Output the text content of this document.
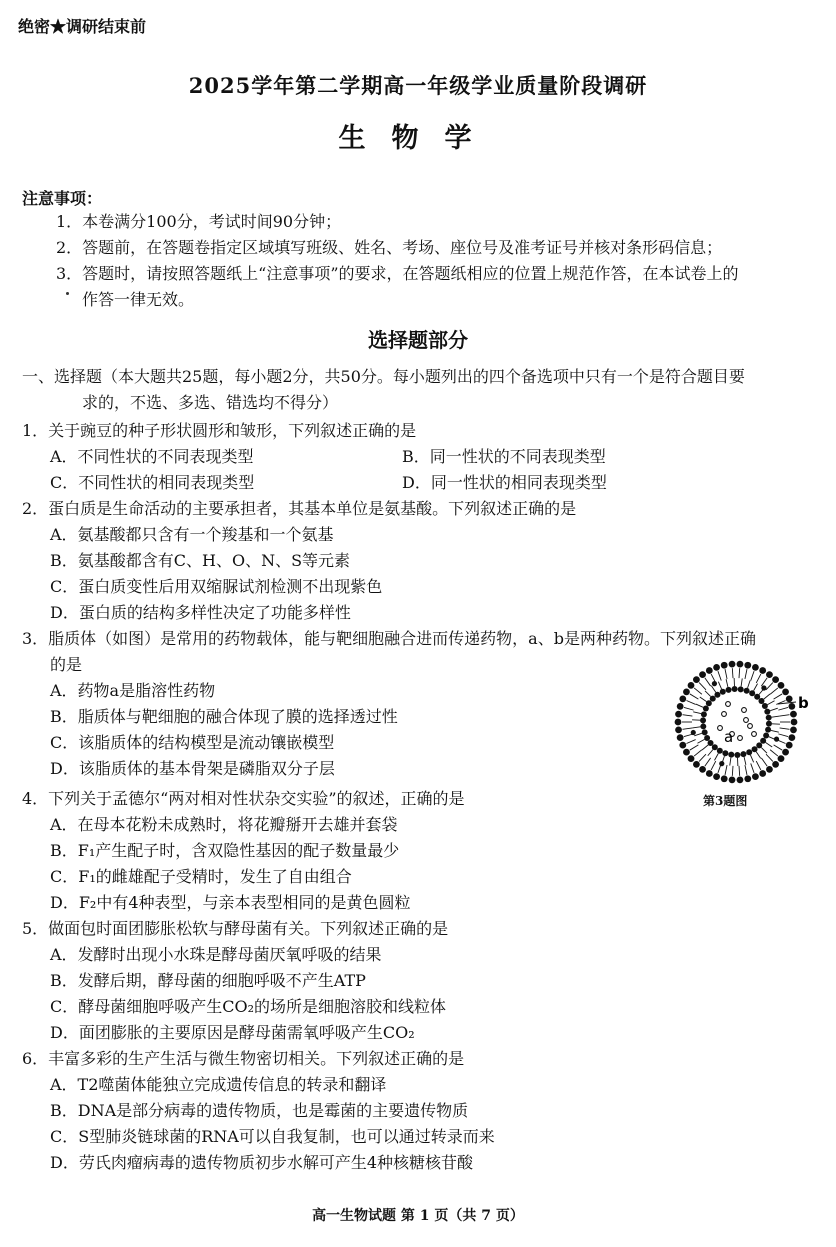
绝密★调研结束前
2025学年第二学期高一年级学业质量阶段调研
生物学
注意事项：
1．本卷满分100分，考试时间90分钟；
2．答题前，在答题卷指定区域填写班级、姓名、考场、座位号及准考证号并核对条形码信息；
3．答题时，请按照答题纸上“注意事项”的要求，在答题纸相应的位置上规范作答，在本试卷上的
作答一律无效。
选择题部分
一、选择题（本大题共25题，每小题2分，共50分。每小题列出的四个备选项中只有一个是符合题目要
求的，不选、多选、错选均不得分）
1．关于豌豆的种子形状圆形和皱形，下列叙述正确的是
A．不同性状的不同表现类型	B．同一性状的不同表现类型
C．不同性状的相同表现类型	D．同一性状的相同表现类型
2．蛋白质是生命活动的主要承担者，其基本单位是氨基酸。下列叙述正确的是
A．氨基酸都只含有一个羧基和一个氨基
B．氨基酸都含有C、H、O、N、S等元素
C．蛋白质变性后用双缩脲试剂检测不出现紫色
D．蛋白质的结构多样性决定了功能多样性
3．脂质体（如图）是常用的药物载体，能与靶细胞融合进而传递药物，a、b是两种药物。下列叙述正确
的是
A．药物a是脂溶性药物
B．脂质体与靶细胞的融合体现了膜的选择透过性
C．该脂质体的结构模型是流动镶嵌模型
D．该脂质体的基本骨架是磷脂双分子层
a
b
第3题图
4．下列关于孟德尔“两对相对性状杂交实验”的叙述，正确的是
A．在母本花粉未成熟时，将花瓣掰开去雄并套袋
B．F₁产生配子时，含双隐性基因的配子数量最少
C．F₁的雌雄配子受精时，发生了自由组合
D．F₂中有4种表型，与亲本表型相同的是黄色圆粒
5．做面包时面团膨胀松软与酵母菌有关。下列叙述正确的是
A．发酵时出现小水珠是酵母菌厌氧呼吸的结果
B．发酵后期，酵母菌的细胞呼吸不产生ATP
C．酵母菌细胞呼吸产生CO₂的场所是细胞溶胶和线粒体
D．面团膨胀的主要原因是酵母菌需氧呼吸产生CO₂
6．丰富多彩的生产生活与微生物密切相关。下列叙述正确的是
A．T2噬菌体能独立完成遗传信息的转录和翻译
B．DNA是部分病毒的遗传物质，也是霉菌的主要遗传物质
C．S型肺炎链球菌的RNA可以自我复制，也可以通过转录而来
D．劳氏肉瘤病毒的遗传物质初步水解可产生4种核糖核苷酸
高一生物试题 第 1 页（共 7 页）
